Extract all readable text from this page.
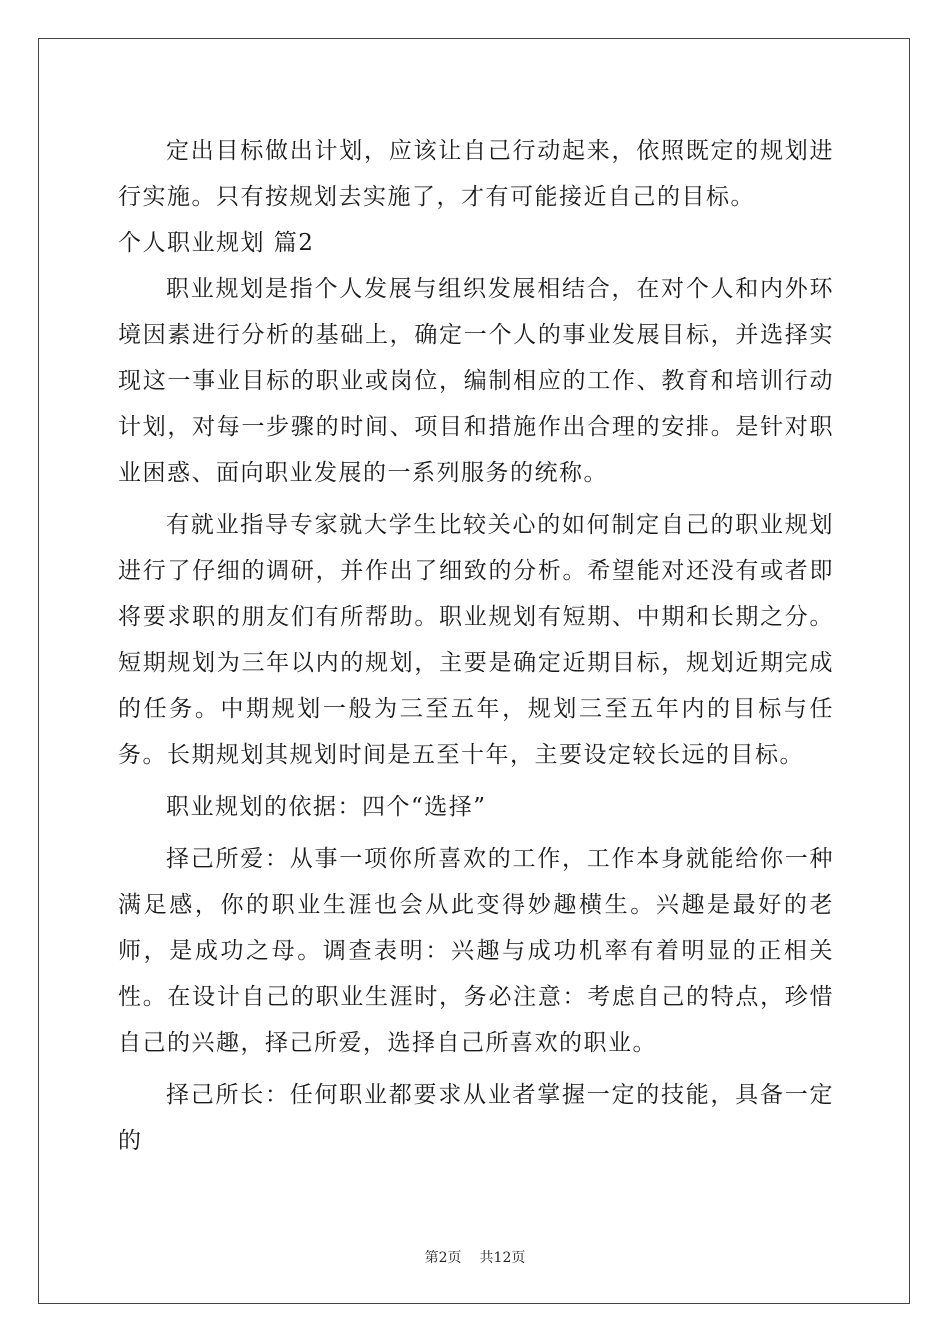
定出目标做出计划，应该让自己行动起来，依照既定的规划进行实施。只有按规划去实施了，才有可能接近自己的目标。

个人职业规划 篇2

职业规划是指个人发展与组织发展相结合，在对个人和内外环境因素进行分析的基础上，确定一个人的事业发展目标，并选择实现这一事业目标的职业或岗位，编制相应的工作、教育和培训行动计划，对每一步骤的时间、项目和措施作出合理的安排。是针对职业困惑、面向职业发展的一系列服务的统称。

有就业指导专家就大学生比较关心的如何制定自己的职业规划进行了仔细的调研，并作出了细致的分析。希望能对还没有或者即将要求职的朋友们有所帮助。职业规划有短期、中期和长期之分。短期规划为三年以内的规划，主要是确定近期目标，规划近期完成的任务。中期规划一般为三至五年，规划三至五年内的目标与任务。长期规划其规划时间是五至十年，主要设定较长远的目标。

职业规划的依据：四个“选择”

择己所爱：从事一项你所喜欢的工作，工作本身就能给你一种满足感，你的职业生涯也会从此变得妙趣横生。兴趣是最好的老师，是成功之母。调查表明：兴趣与成功机率有着明显的正相关性。在设计自己的职业生涯时，务必注意：考虑自己的特点，珍惜自己的兴趣，择己所爱，选择自己所喜欢的职业。

择己所长：任何职业都要求从业者掌握一定的技能，具备一定的

第2页 共12页
